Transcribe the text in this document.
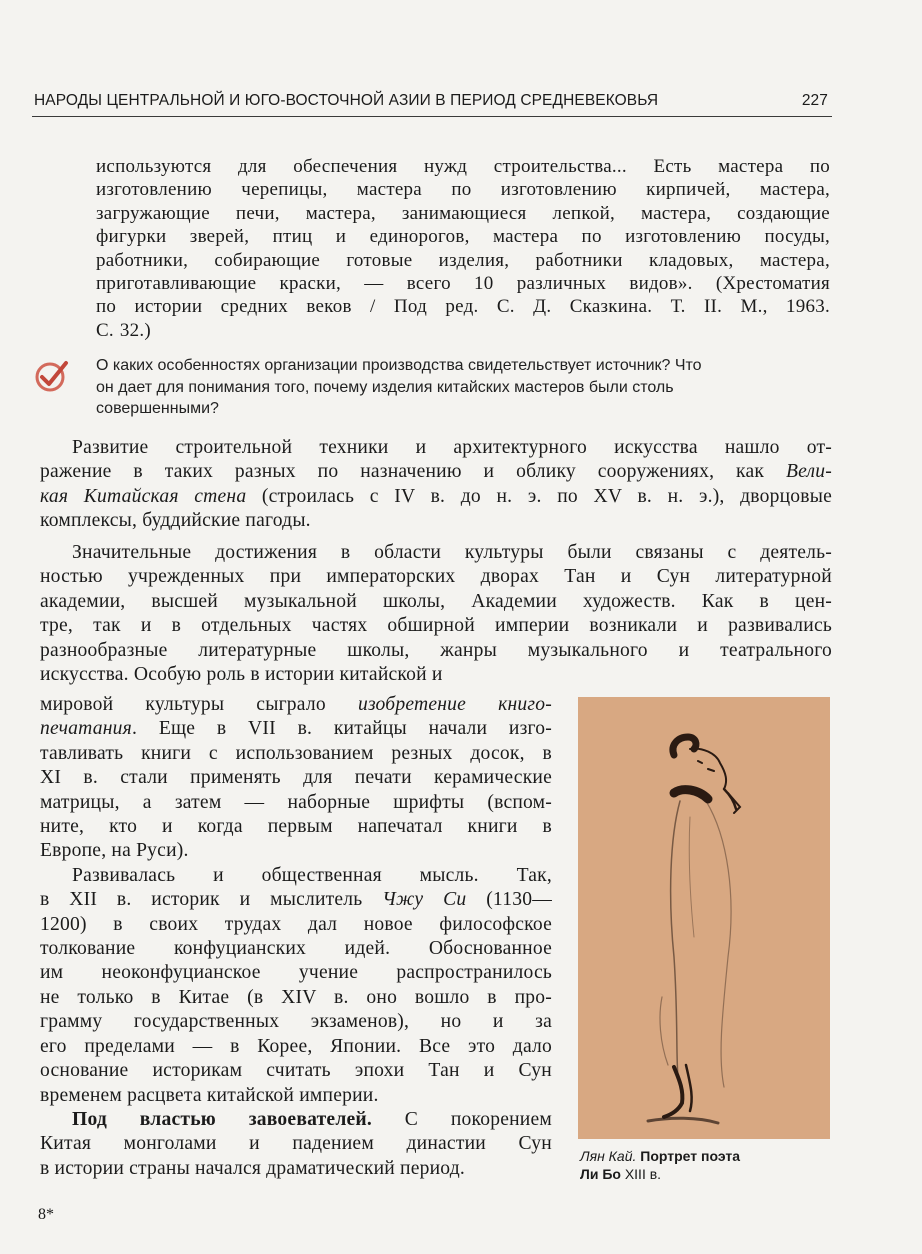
НАРОДЫ ЦЕНТРАЛЬНОЙ И ЮГО-ВОСТОЧНОЙ АЗИИ В ПЕРИОД СРЕДНЕВЕКОВЬЯ	227
используются для обеспечения нужд строительства... Есть мастера по
изготовлению черепицы, мастера по изготовлению кирпичей, мастера,
загружающие печи, мастера, занимающиеся лепкой, мастера, создающие
фигурки зверей, птиц и единорогов, мастера по изготовлению посуды,
работники, собирающие готовые изделия, работники кладовых, мастера,
приготавливающие краски, — всего 10 различных видов». (Хрестоматия
по истории средних веков / Под ред. С. Д. Сказкина. Т. II. М., 1963.
С. 32.)
О каких особенностях организации производства свидетельствует источник? Что
он дает для понимания того, почему изделия китайских мастеров были столь
совершенными?
Развитие строительной техники и архитектурного искусства нашло от-
ражение в таких разных по назначению и облику сооружениях, как Вели-
кая Китайская стена (строилась с IV в. до н. э. по XV в. н. э.), дворцовые
комплексы, буддийские пагоды.
Значительные достижения в области культуры были связаны с деятель-
ностью учрежденных при императорских дворах Тан и Сун литературной
академии, высшей музыкальной школы, Академии художеств. Как в цен-
тре, так и в отдельных частях обширной империи возникали и развивались
разнообразные литературные школы, жанры музыкального и театрального
искусства. Особую роль в истории китайской и
мировой культуры сыграло изобретение книго-
печатания. Еще в VII в. китайцы начали изго-
тавливать книги с использованием резных досок, в
XI в. стали применять для печати керамические
матрицы, а затем — наборные шрифты (вспом-
ните, кто и когда первым напечатал книги в
Европе, на Руси).
Развивалась и общественная мысль. Так,
в XII в. историк и мыслитель Чжу Си (1130—
1200) в своих трудах дал новое философское
толкование конфуцианских идей. Обоснованное
им неоконфуцианское учение распространилось
не только в Китае (в XIV в. оно вошло в про-
грамму государственных экзаменов), но и за
его пределами — в Корее, Японии. Все это дало
основание историкам считать эпохи Тан и Сун
временем расцвета китайской империи.
Под властью завоевателей. С покорением
Китая монголами и падением династии Сун
в истории страны начался драматический период.
Лян Кай. Портрет поэта
Ли Бо XIII в.
8*
